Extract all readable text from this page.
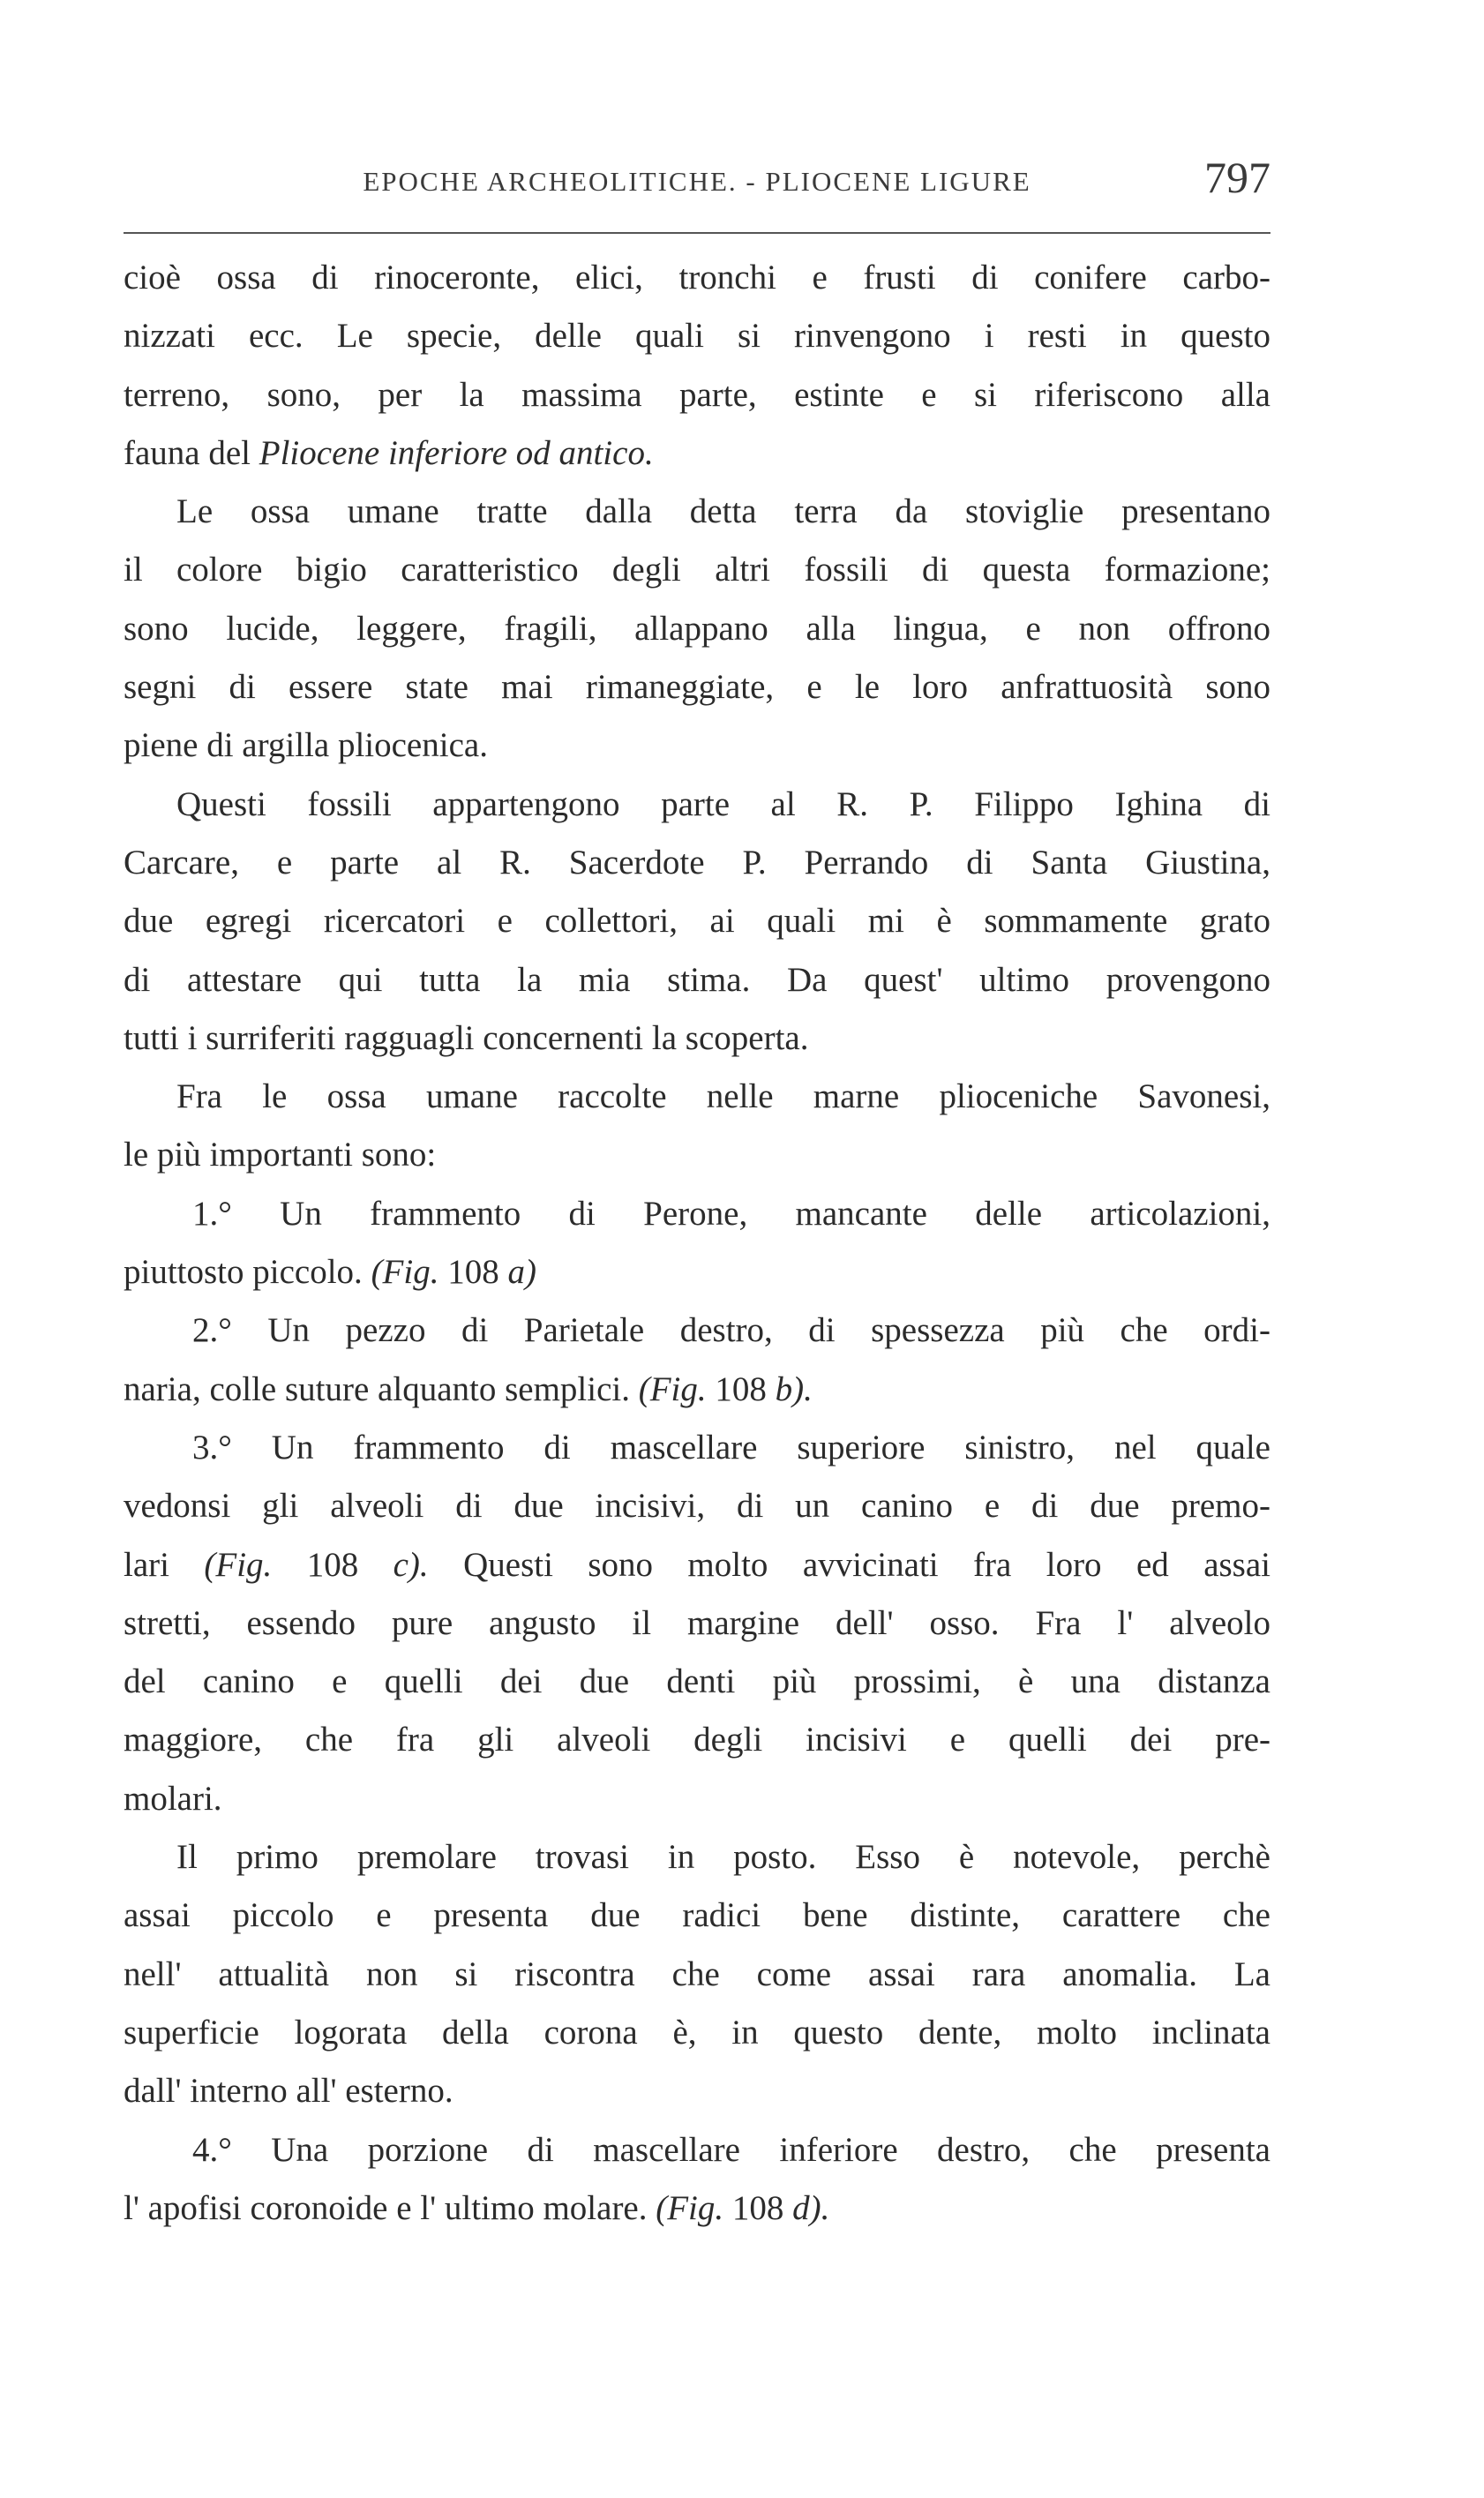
EPOCHE ARCHEOLITICHE. - PLIOCENE LIGURE	797
cioè ossa di rinoceronte, elici, tronchi e frusti di conifere carbo-
nizzati ecc. Le specie, delle quali si rinvengono i resti in questo
terreno, sono, per la massima parte, estinte e si riferiscono alla
fauna del Pliocene inferiore od antico.
Le ossa umane tratte dalla detta terra da stoviglie presentano
il colore bigio caratteristico degli altri fossili di questa formazione;
sono lucide, leggere, fragili, allappano alla lingua, e non offrono
segni di essere state mai rimaneggiate, e le loro anfrattuosità sono
piene di argilla pliocenica.
Questi fossili appartengono parte al R. P. Filippo Ighina di
Carcare, e parte al R. Sacerdote P. Perrando di Santa Giustina,
due egregi ricercatori e collettori, ai quali mi è sommamente grato
di attestare qui tutta la mia stima. Da quest' ultimo provengono
tutti i surriferiti ragguagli concernenti la scoperta.
Fra le ossa umane raccolte nelle marne plioceniche Savonesi,
le più importanti sono:
1.° Un frammento di Perone, mancante delle articolazioni,
piuttosto piccolo. (Fig. 108 a)
2.° Un pezzo di Parietale destro, di spessezza più che ordi-
naria, colle suture alquanto semplici. (Fig. 108 b).
3.° Un frammento di mascellare superiore sinistro, nel quale
vedonsi gli alveoli di due incisivi, di un canino e di due premo-
lari (Fig. 108 c). Questi sono molto avvicinati fra loro ed assai
stretti, essendo pure angusto il margine dell' osso. Fra l' alveolo
del canino e quelli dei due denti più prossimi, è una distanza
maggiore, che fra gli alveoli degli incisivi e quelli dei pre-
molari.
Il primo premolare trovasi in posto. Esso è notevole, perchè
assai piccolo e presenta due radici bene distinte, carattere che
nell' attualità non si riscontra che come assai rara anomalia. La
superficie logorata della corona è, in questo dente, molto inclinata
dall' interno all' esterno.
4.° Una porzione di mascellare inferiore destro, che presenta
l' apofisi coronoide e l' ultimo molare. (Fig. 108 d).
